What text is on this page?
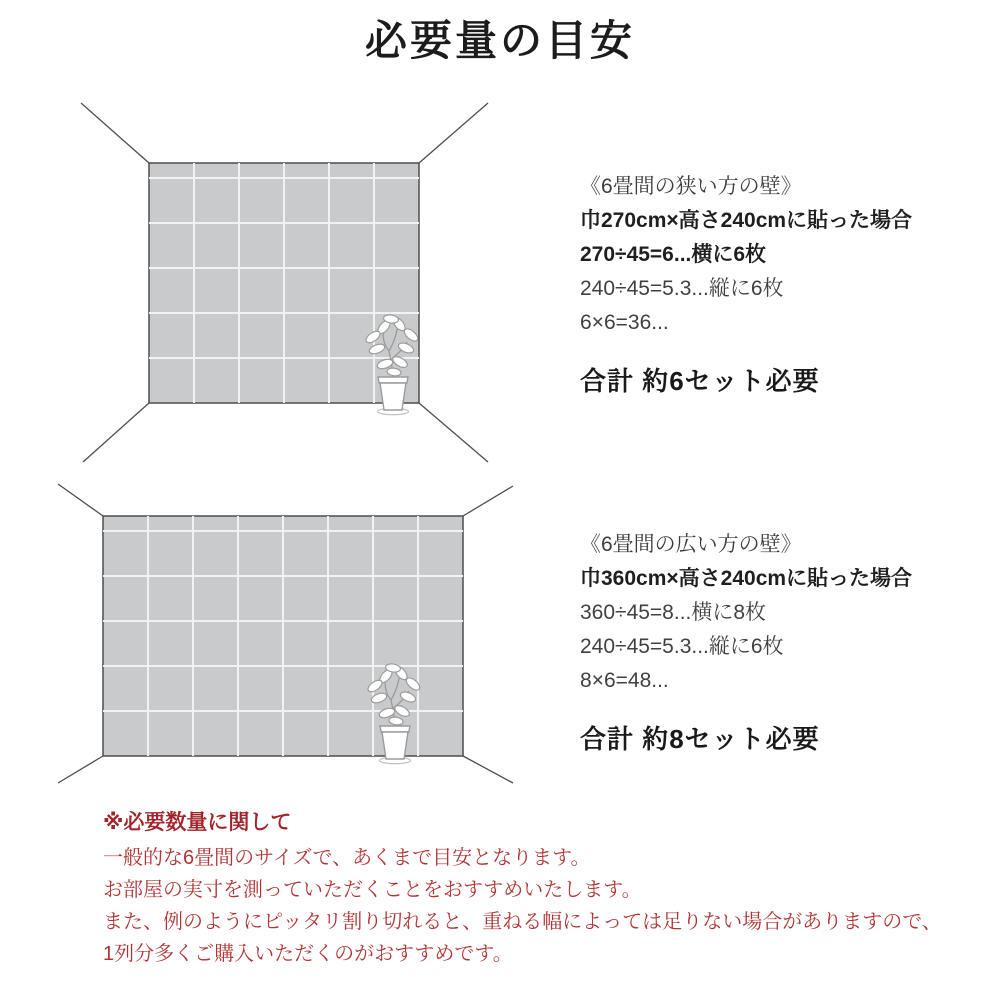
必要量の目安
《6畳間の狭い方の壁》
巾270cm×高さ240cmに貼った場合
270÷45=6...横に6枚
240÷45=5.3...縦に6枚
6×6=36...
合計 約6セット必要
《6畳間の広い方の壁》
巾360cm×高さ240cmに貼った場合
360÷45=8...横に8枚
240÷45=5.3...縦に6枚
8×6=48...
合計 約8セット必要
※必要数量に関して
一般的な6畳間のサイズで、あくまで目安となります。
お部屋の実寸を測っていただくことをおすすめいたします。
また、例のようにピッタリ割り切れると、重ねる幅によっては足りない場合がありますので、
1列分多くご購入いただくのがおすすめです。
